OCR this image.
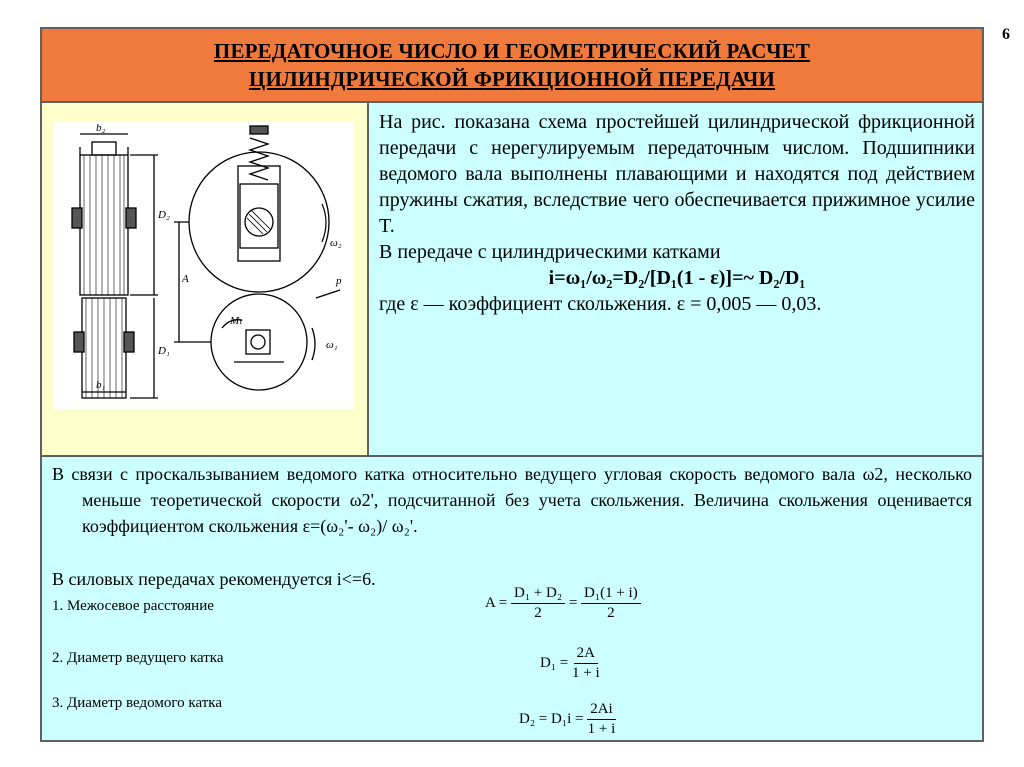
6
ПЕРЕДАТОЧНОЕ ЧИСЛО И ГЕОМЕТРИЧЕСКИЙ РАСЧЕТ
ЦИЛИНДРИЧЕСКОЙ ФРИКЦИОННОЙ ПЕРЕДАЧИ
b₂
b₁
D₂
D₁
A
ω₂
ω₁
p
Mₜ

На рис. показана схема простейшей цилиндрической фрикционной передачи с нерегулируемым передаточным числом. Подшипники ведомого вала выполнены плавающими и находятся под действием пружины сжатия, вследствие чего обеспечивается прижимное усилие T.

В передаче с цилиндрическими катками

i=ω₁/ω₂=D₂/[D₁(1 - ε)]=~ D₂/D₁

где ε — коэффициент скольжения. ε = 0,005 — 0,03.

В связи с проскальзыванием ведомого катка относительно ведущего угловая скорость ведомого вала ω2, несколько меньше теоретической скорости ω2', подсчитанной без учета скольжения. Величина скольжения оценивается коэффициентом скольжения ε=(ω₂'- ω₂)/ ω₂'.
В силовых передачах рекомендуется i<=6.
1. Межосевое расстояние
2. Диаметр ведущего катка
3. Диаметр ведомого катка
$A = \frac{\text{D₁ + D₂}}{2} = \frac{\text{D₁(1 + i)}}{2}$
$D_1 = \frac{2A}{1 + i}$
$D_2 = D_1i = \frac{2Ai}{1 + i}$
